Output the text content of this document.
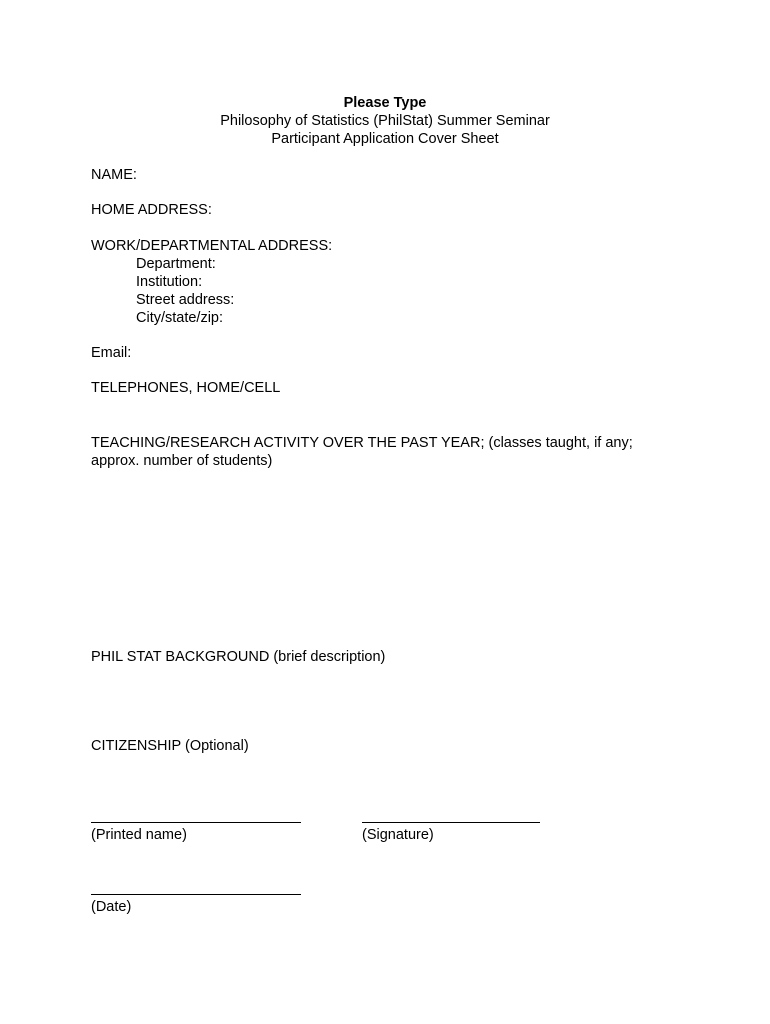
Please Type
Philosophy of Statistics (PhilStat) Summer Seminar
Participant Application Cover Sheet
NAME:
HOME ADDRESS:
WORK/DEPARTMENTAL ADDRESS:
Department:
Institution:
Street address:
City/state/zip:
Email:
TELEPHONES, HOME/CELL
TEACHING/RESEARCH ACTIVITY OVER THE PAST YEAR; (classes taught, if any;
approx. number of students)
PHIL STAT BACKGROUND (brief description)
CITIZENSHIP (Optional)
(Printed name)	(Signature)
(Date)
